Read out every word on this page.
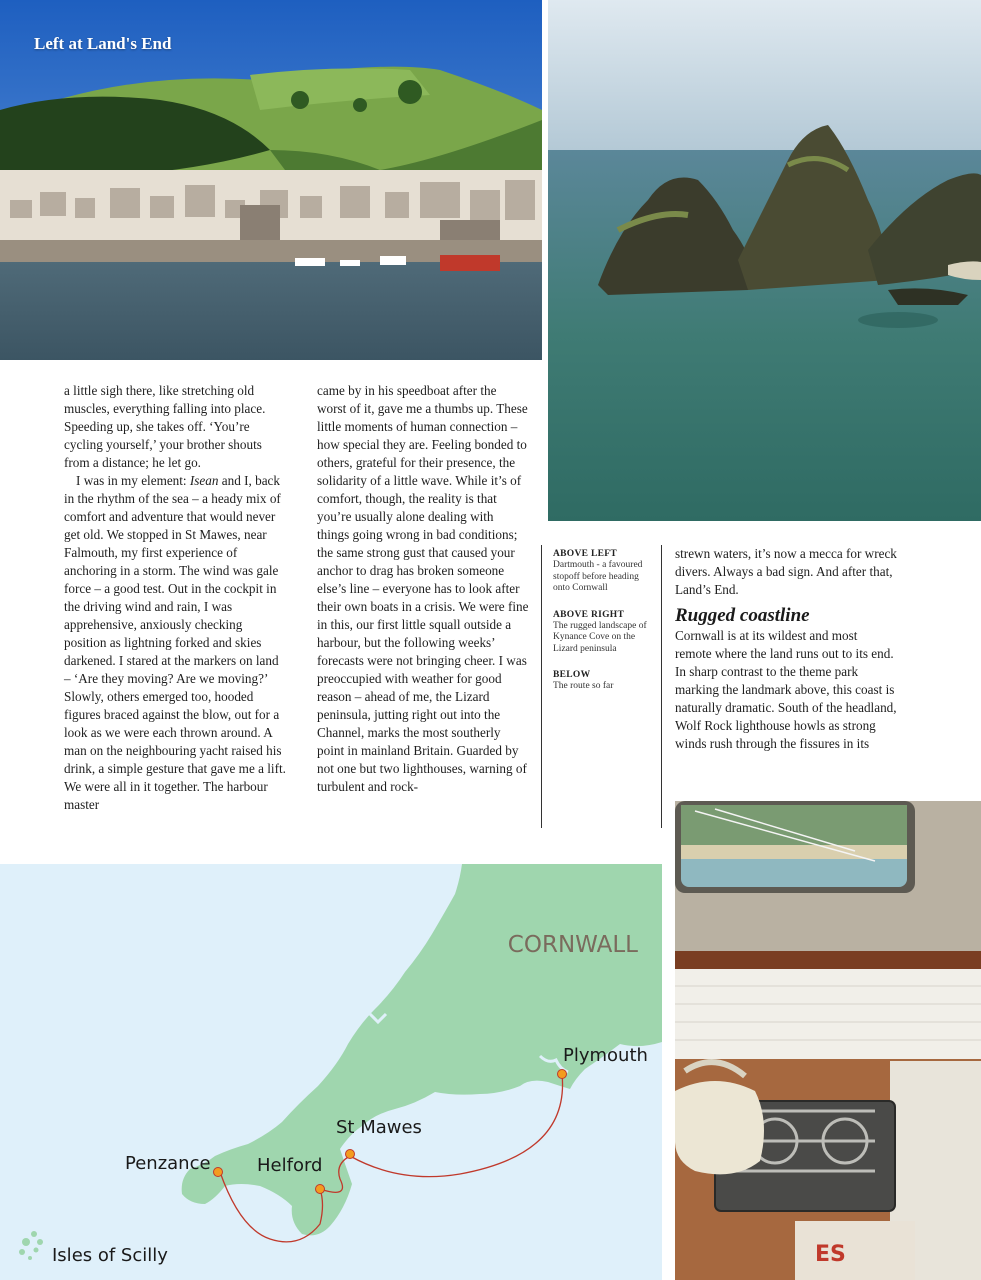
Left at Land's End

a little sigh there, like stretching old muscles, everything falling into place. Speeding up, she takes off. ‘You’re cycling yourself,’ your brother shouts from a distance; he let go.

I was in my element: Isean and I, back in the rhythm of the sea – a heady mix of comfort and adventure that would never get old. We stopped in St Mawes, near Falmouth, my first experience of anchoring in a storm. The wind was gale force – a good test. Out in the cockpit in the driving wind and rain, I was apprehensive, anxiously checking position as lightning forked and skies darkened. I stared at the markers on land – ‘Are they moving? Are we moving?’ Slowly, others emerged too, hooded figures braced against the blow, out for a look as we were each thrown around. A man on the neighbouring yacht raised his drink, a simple gesture that gave me a lift. We were all in it together. The harbour master

came by in his speedboat after the worst of it, gave me a thumbs up. These little moments of human connection – how special they are. Feeling bonded to others, grateful for their presence, the solidarity of a little wave. While it’s of comfort, though, the reality is that you’re usually alone dealing with things going wrong in bad conditions; the same strong gust that caused your anchor to drag has broken someone else’s line – everyone has to look after their own boats in a crisis. We were fine in this, our first little squall outside a harbour, but the following weeks’ forecasts were not bringing cheer. I was preoccupied with weather for good reason – ahead of me, the Lizard peninsula, jutting right out into the Channel, marks the most southerly point in mainland Britain. Guarded by not one but two lighthouses, warning of turbulent and rock-

ABOVE LEFT
Dartmouth - a favoured stopoff before heading onto Cornwall
ABOVE RIGHT
The rugged landscape of Kynance Cove on the Lizard peninsula
BELOW
The route so far

strewn waters, it’s now a mecca for wreck divers. Always a bad sign. And after that, Land’s End.

Rugged coastline

Cornwall is at its wildest and most remote where the land runs out to its end. In sharp contrast to the theme park marking the landmark above, this coast is naturally dramatic. South of the headland, Wolf Rock lighthouse howls as strong winds rush through the fissures in its

CORNWALL
Plymouth
St Mawes
Helford
Penzance
Isles of Scilly	ES
